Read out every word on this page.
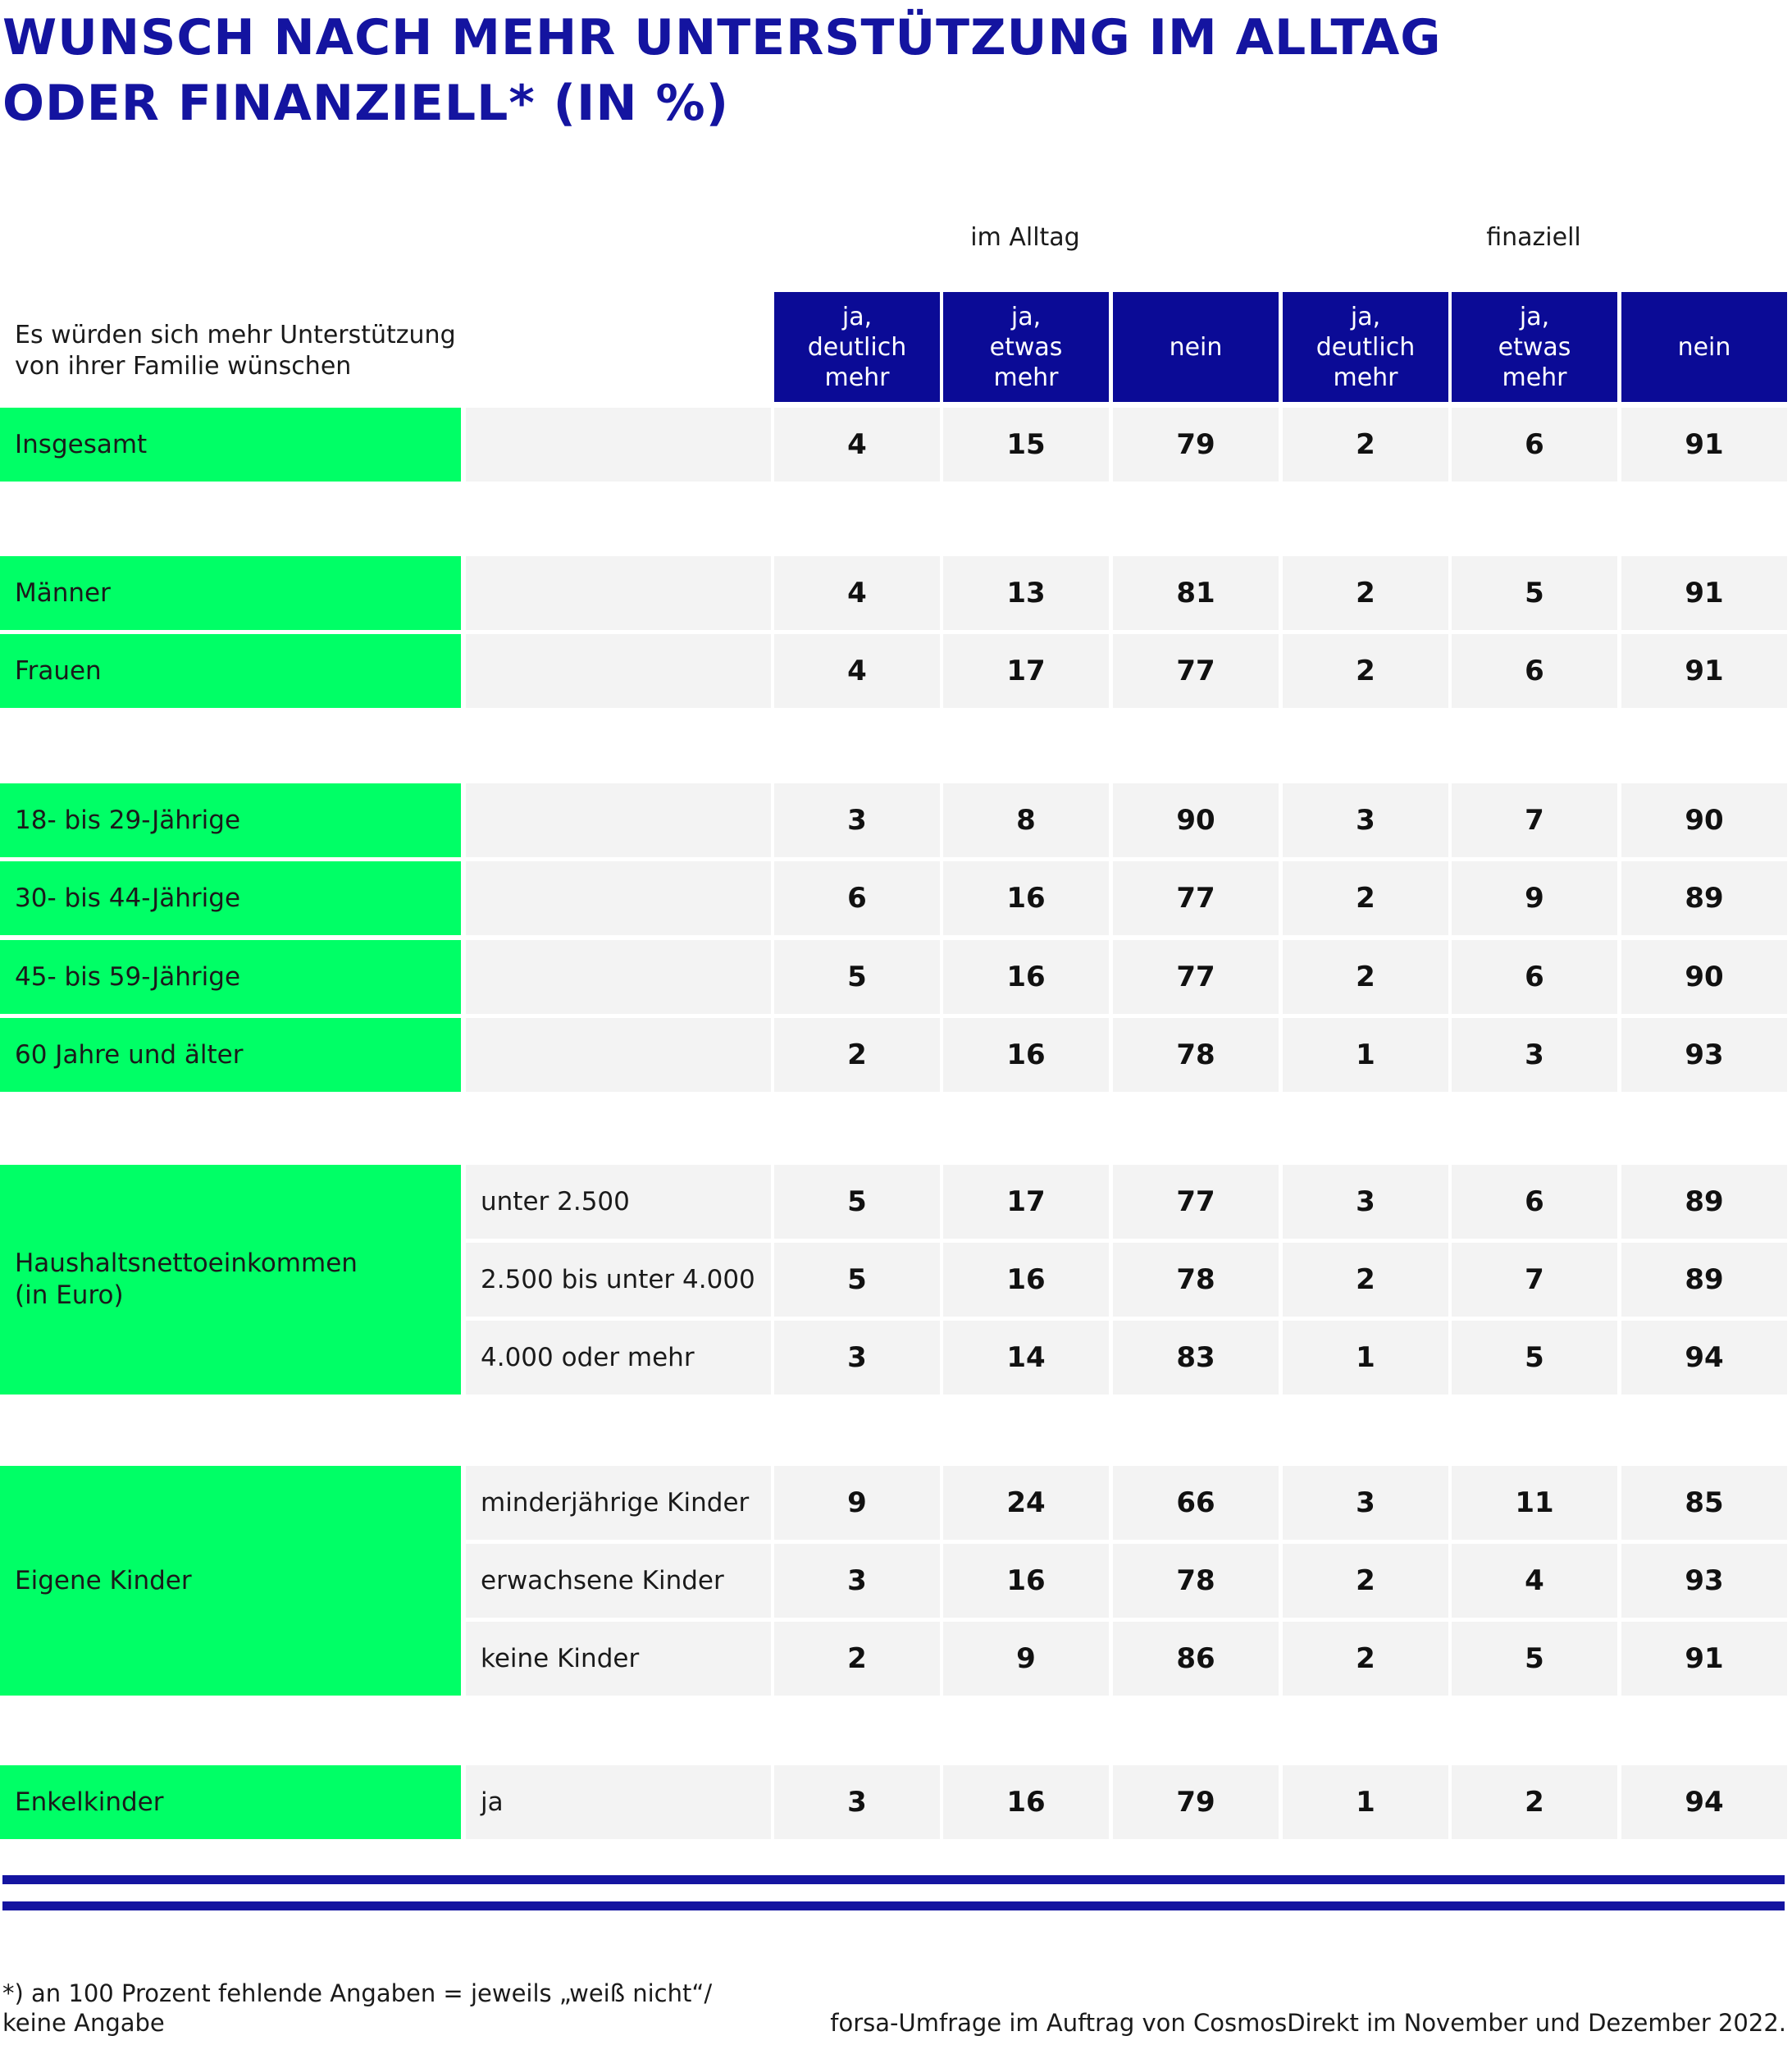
WUNSCH NACH MEHR UNTERSTÜTZUNG IM ALLTAG
ODER FINANZIELL* (IN %)
im Alltag	finaziell
Es würden sich mehr Unterstützung
von ihrer Familie wünschen
ja,
deutlich
mehr
ja,
etwas
mehr
nein
ja,
deutlich
mehr
ja,
etwas
mehr
nein
Insgesamt	4	15	79	2	6	91
Männer	4	13	81	2	5	91
Frauen	4	17	77	2	6	91
18- bis 29-Jährige	3	8	90	3	7	90
30- bis 44-Jährige	6	16	77	2	9	89
45- bis 59-Jährige	5	16	77	2	6	90
60 Jahre und älter	2	16	78	1	3	93
Haushaltsnettoeinkommen
(in Euro)
unter 2.500	5	17	77	3	6	89
2.500 bis unter 4.000	5	16	78	2	7	89
4.000 oder mehr	3	14	83	1	5	94
Eigene Kinder
minderjährige Kinder	9	24	66	3	11	85
erwachsene Kinder	3	16	78	2	4	93
keine Kinder	2	9	86	2	5	91
Enkelkinder	ja	3	16	79	1	2	94
*) an 100 Prozent fehlende Angaben = jeweils „weiß nicht“/
keine Angabe	forsa-Umfrage im Auftrag von CosmosDirekt im November und Dezember 2022.
